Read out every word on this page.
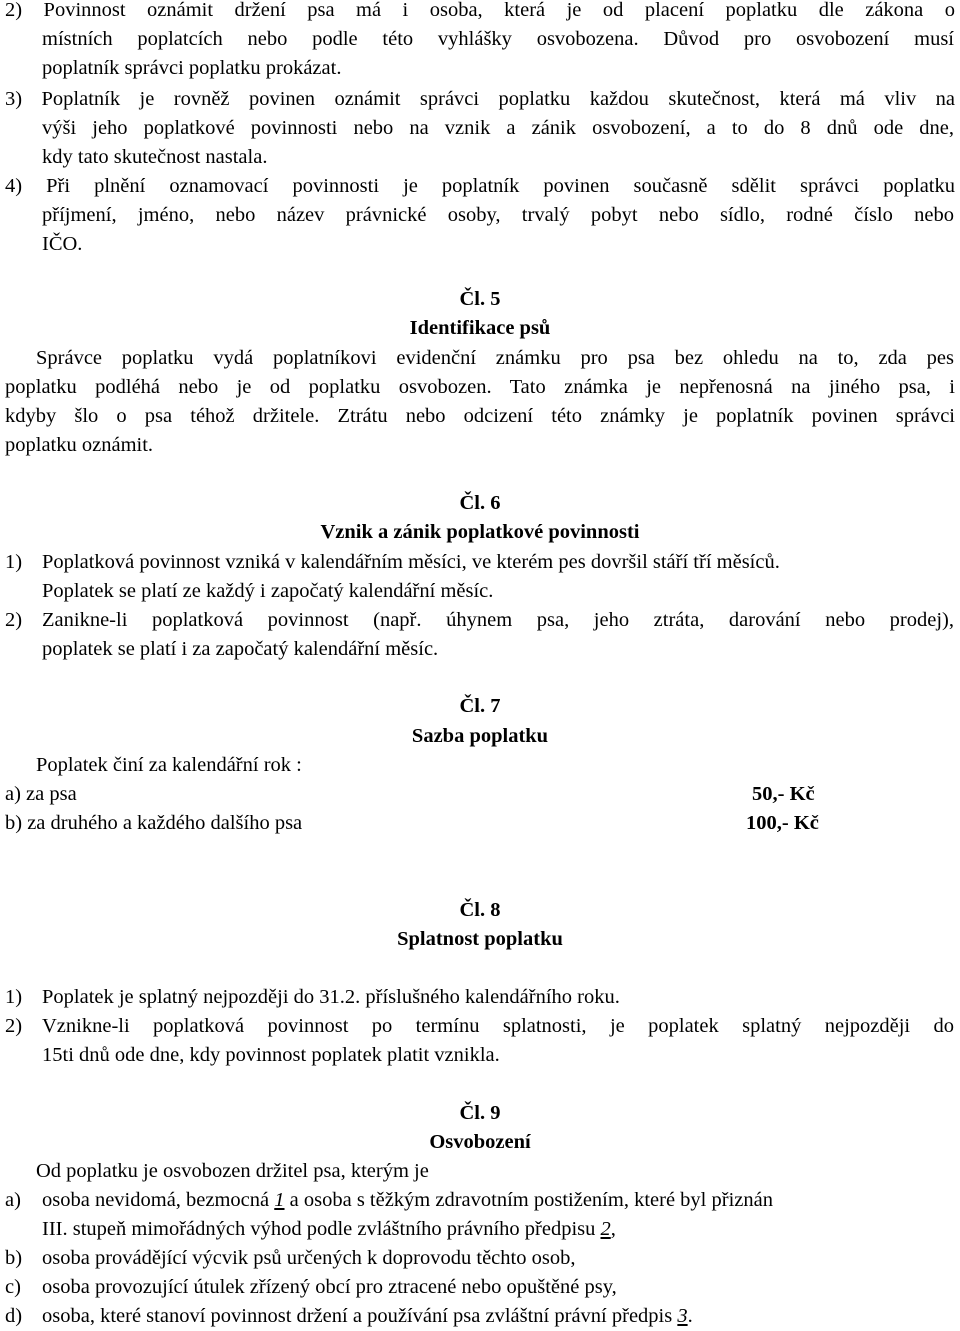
2) Povinnost oznámit držení psa má i osoba, která je od placení poplatku dle zákona o
místních poplatcích nebo podle této vyhlášky osvobozena. Důvod pro osvobození musí
poplatník správci poplatku prokázat.
3) Poplatník je rovněž povinen oznámit správci poplatku každou skutečnost, která má vliv na
výši jeho poplatkové povinnosti nebo na vznik a zánik osvobození, a to do 8 dnů ode dne,
kdy tato skutečnost nastala.
4) Při plnění oznamovací povinnosti je poplatník povinen současně sdělit správci poplatku
příjmení, jméno, nebo název právnické osoby, trvalý pobyt nebo sídlo, rodné číslo nebo
IČO.
Čl. 5
Identifikace psů
Správce poplatku vydá poplatníkovi evidenční známku pro psa bez ohledu na to, zda pes
poplatku podléhá nebo je od poplatku osvobozen. Tato známka je nepřenosná na jiného psa, i
kdyby šlo o psa téhož držitele. Ztrátu nebo odcizení této známky je poplatník povinen správci
poplatku oznámit.
Čl. 6
Vznik a zánik poplatkové povinnosti
1) Poplatková povinnost vzniká v kalendářním měsíci, ve kterém pes dovršil stáří tří měsíců.
Poplatek se platí ze každý i započatý kalendářní měsíc.
2) Zanikne-li poplatková povinnost (např. úhynem psa, jeho ztráta, darování nebo prodej),
poplatek se platí i za započatý kalendářní měsíc.
Čl. 7
Sazba poplatku
Poplatek činí za kalendářní rok :
a) za psa	50,- Kč
b) za druhého a každého dalšího psa	100,- Kč
Čl. 8
Splatnost poplatku
1) Poplatek je splatný nejpozději do 31.2. příslušného kalendářního roku.
2) Vznikne-li poplatková povinnost po termínu splatnosti, je poplatek splatný nejpozději do
15ti dnů ode dne, kdy povinnost poplatek platit vznikla.
Čl. 9
Osvobození
Od poplatku je osvobozen držitel psa, kterým je
a) osoba nevidomá, bezmocná 1 a osoba s těžkým zdravotním postižením, které byl přiznán
III. stupeň mimořádných výhod podle zvláštního právního předpisu 2,
b) osoba provádějící výcvik psů určených k doprovodu těchto osob,
c) osoba provozující útulek zřízený obcí pro ztracené nebo opuštěné psy,
d) osoba, které stanoví povinnost držení a používání psa zvláštní právní předpis 3.
